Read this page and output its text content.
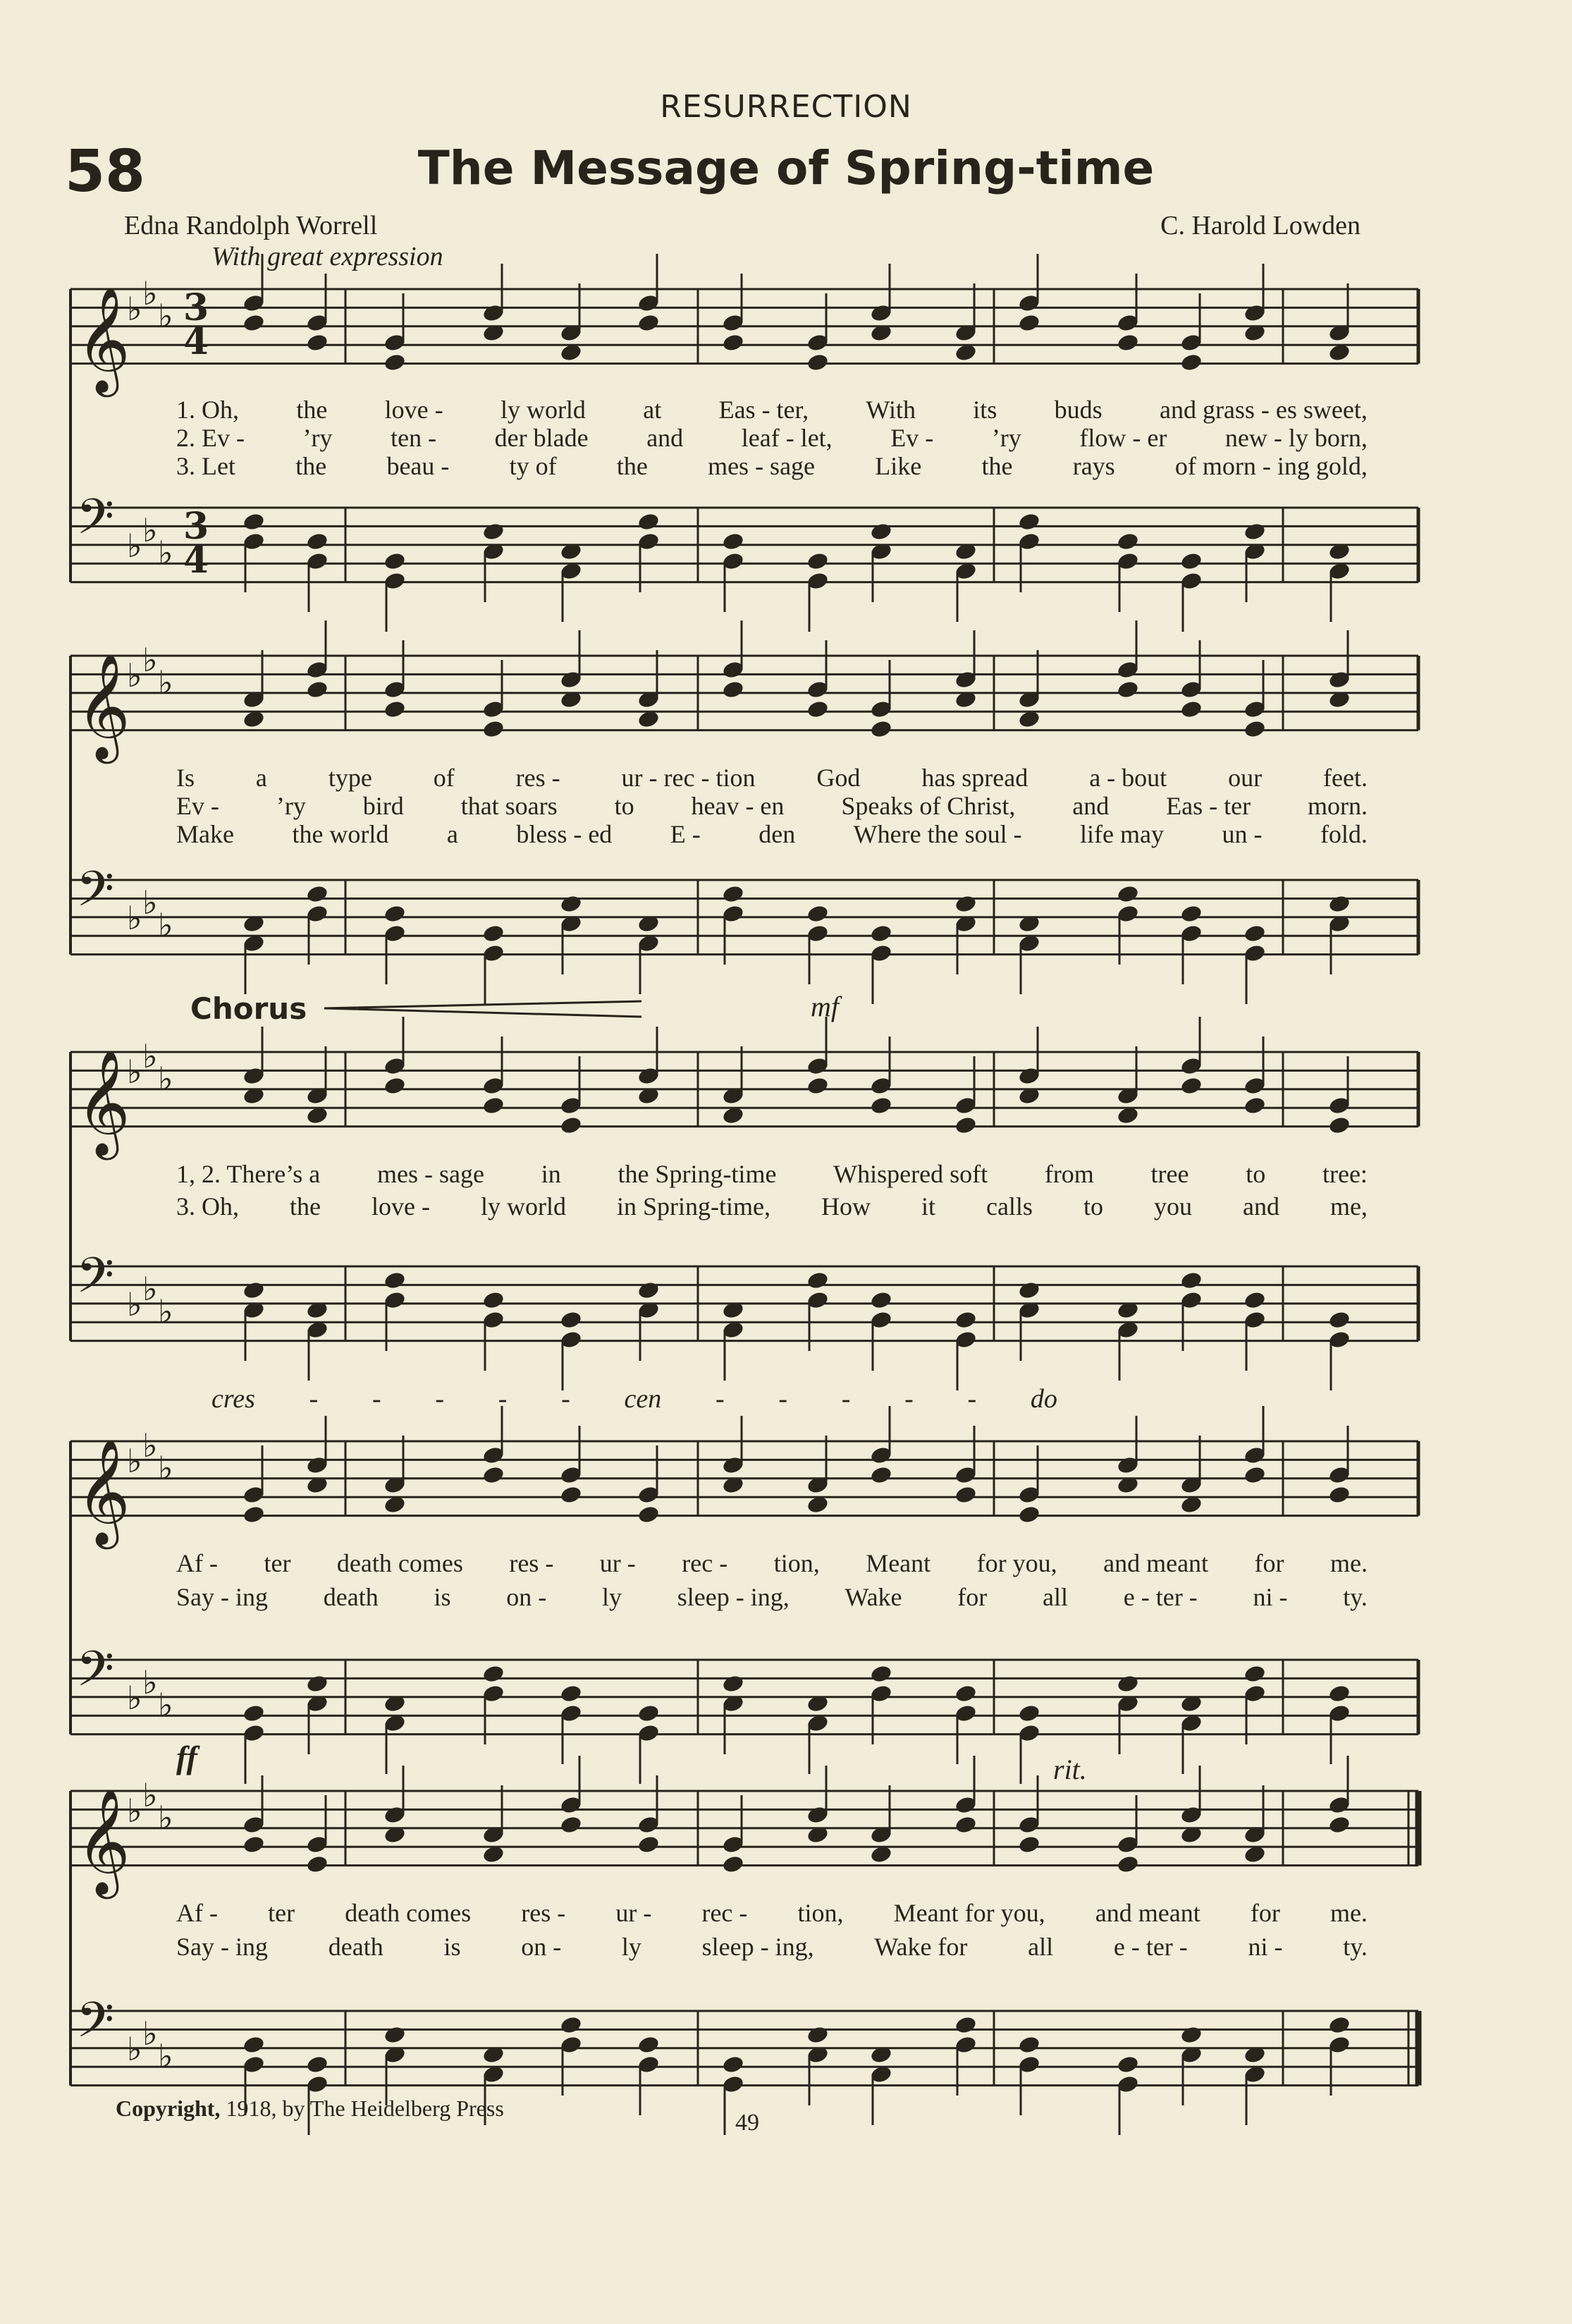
RESURRECTION
58	The Message of Spring-time
Edna Randolph Worrell	C. Harold Lowden
With great expression
𝄞
♭ ♭
♭ 3
4
𝄢 ♭ ♭
♭
3
4
𝄞
♭ ♭
♭
𝄢 ♭ ♭
♭
𝄞
♭ ♭
♭
𝄢 ♭ ♭
♭
𝄞
♭ ♭
♭
𝄢 ♭ ♭
♭
𝄞
♭ ♭
♭
𝄢 ♭ ♭
♭
1. Oh, the love - ly world at Eas - ter, With its buds and grass - es sweet,
2. Ev - ’ry ten - der blade and leaf - let, Ev - ’ry flow - er new - ly born,
3. Let the beau - ty of the mes - sage Like the rays of morn - ing gold,
Is a type of res - ur - rec - tion God has spread a - bout our feet.
Ev - ’ry bird that soars to heav - en Speaks of Christ, and Eas - ter morn.
Make the world a bless - ed E - den Where the soul - life may un - fold.
1, 2. There’s a mes - sage in the Spring-time Whispered soft from tree to tree:
3. Oh, the love - ly world in Spring-time, How it calls to you and me,
Af - ter death comes res - ur - rec - tion, Meant for you, and meant for me.
Say - ing death is on - ly sleep - ing, Wake for all e - ter - ni - ty.
Af - ter death comes res - ur - rec - tion, Meant for you, and meant for me.
Say - ing death is on - ly sleep - ing, Wake for all e - ter - ni - ty.
Chorus	mf
cres - - - - - cen - - - - - do
ff	rit.
Copyright, 1918, by The Heidelberg Press
49
